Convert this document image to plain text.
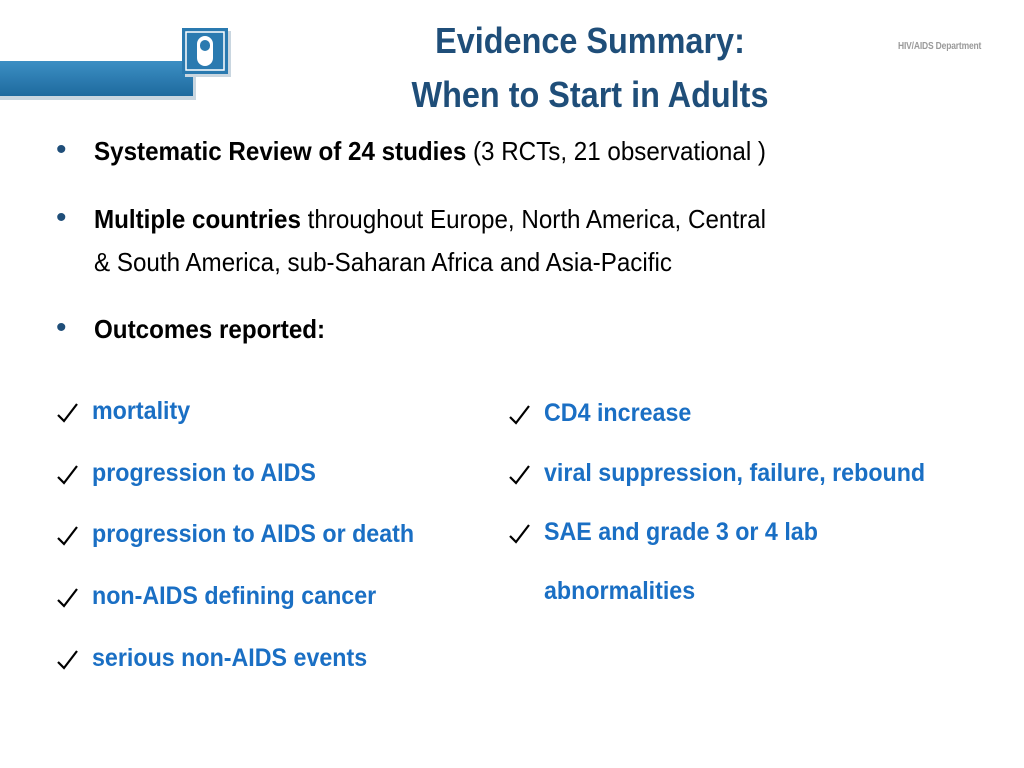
HIV TREATMENT	HIV/AIDS Department
Evidence Summary:
When to Start in Adults
•	Systematic Review of 24 studies (3 RCTs, 21 observational )
•	Multiple countries throughout Europe, North America, Central
& South America, sub-Saharan Africa and Asia-Pacific
•	Outcomes reported:
mortality
progression to AIDS
progression to AIDS or death
non-AIDS defining cancer
serious non-AIDS events
CD4 increase
viral suppression, failure, rebound
SAE and grade 3 or 4 lab
abnormalities
